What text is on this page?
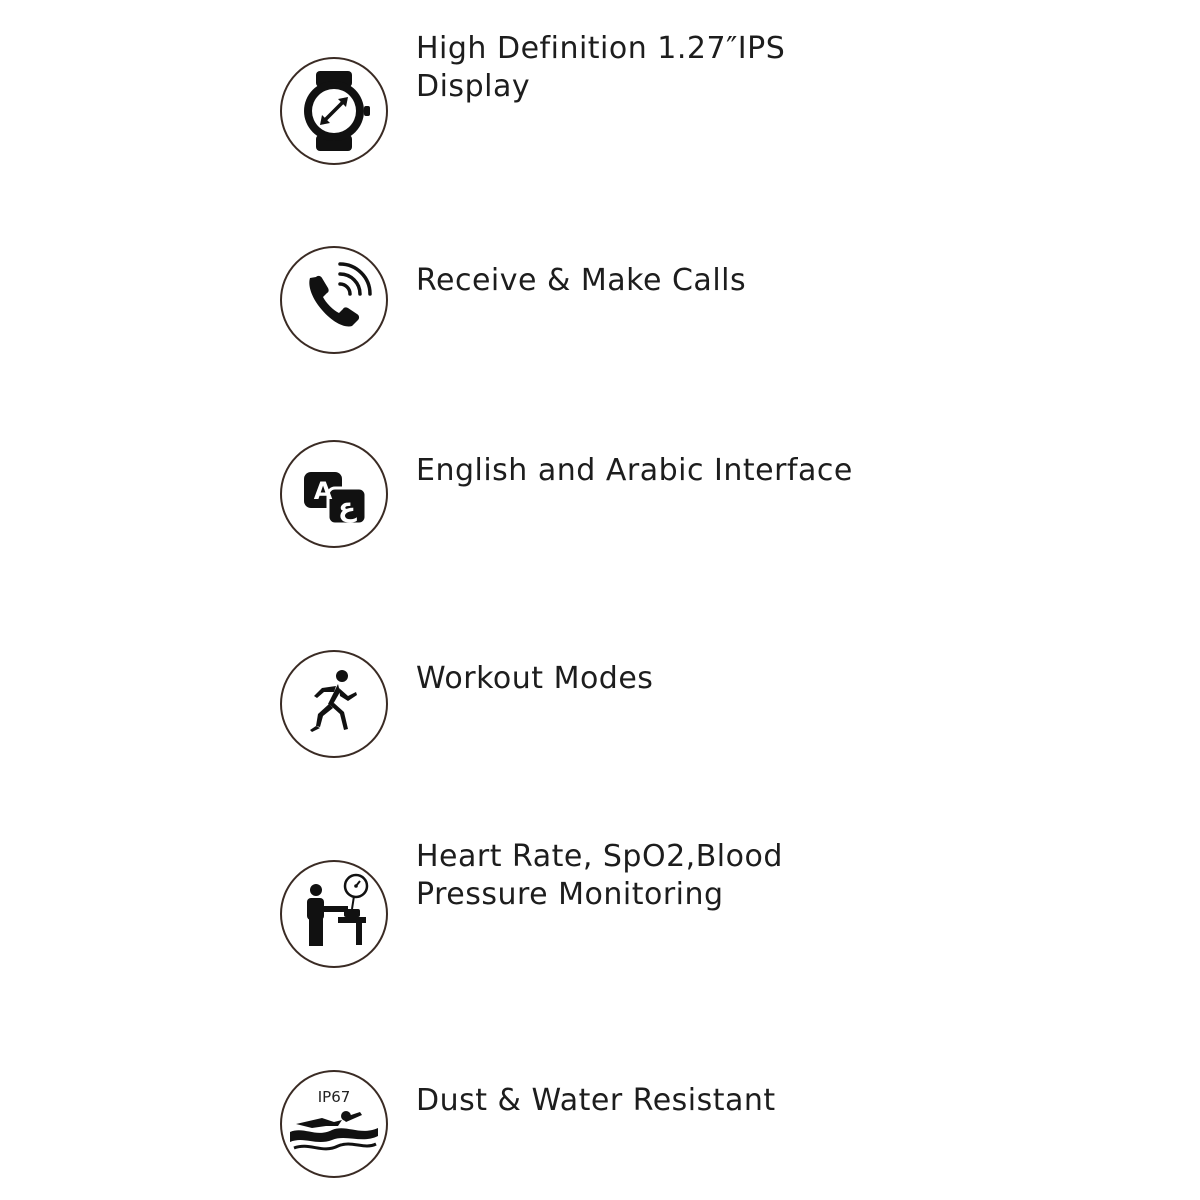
High Definition 1.27″IPS
Display
Receive & Make Calls
A
ع
English and Arabic Interface
Workout Modes
Heart Rate, SpO2,Blood
Pressure Monitoring
IP67 Dust & Water Resistant
